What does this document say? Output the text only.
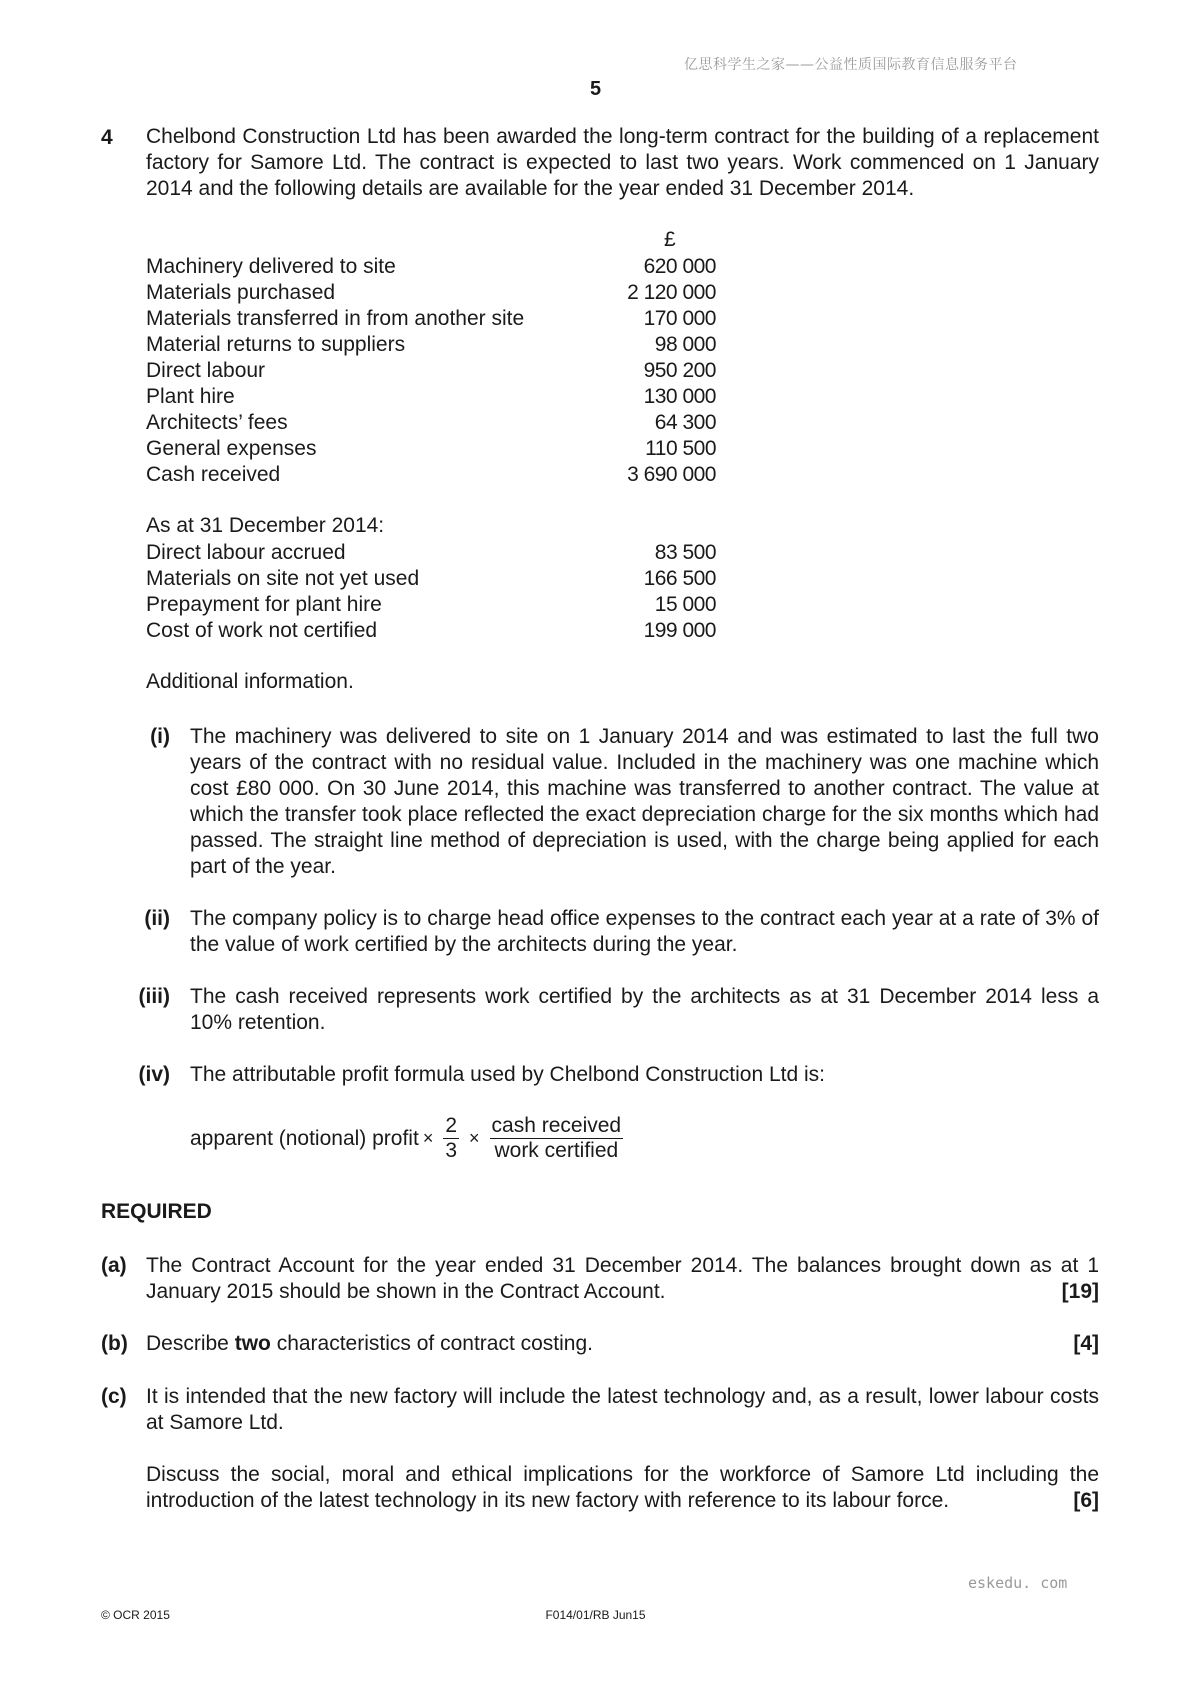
亿思科学生之家——公益性质国际教育信息服务平台
5
4 Chelbond Construction Ltd has been awarded the long-term contract for the building of a replacement factory for Samore Ltd. The contract is expected to last two years. Work commenced on 1 January 2014 and the following details are available for the year ended 31 December 2014.
£
Machinery delivered to site	620 000
Materials purchased	2 120 000
Materials transferred in from another site	170 000
Material returns to suppliers	98 000
Direct labour	950 200
Plant hire	130 000
Architects’ fees	64 300
General expenses	110 500
Cash received	3 690 000
As at 31 December 2014:
Direct labour accrued	83 500
Materials on site not yet used	166 500
Prepayment for plant hire	15 000
Cost of work not certified	199 000
Additional information.
(i) The machinery was delivered to site on 1 January 2014 and was estimated to last the full two years of the contract with no residual value. Included in the machinery was one machine which cost £80 000. On 30 June 2014, this machine was transferred to another contract. The value at which the transfer took place reflected the exact depreciation charge for the six months which had passed. The straight line method of depreciation is used, with the charge being applied for each part of the year.
(ii) The company policy is to charge head office expenses to the contract each year at a rate of 3% of the value of work certified by the architects during the year.
(iii) The cash received represents work certified by the architects as at 31 December 2014 less a 10% retention.
(iv) The attributable profit formula used by Chelbond Construction Ltd is:
apparent (notional) profit × $\frac{2}{3} \times \frac{\text{cash received}}{\text{work certified}}$
REQUIRED
(a) The Contract Account for the year ended 31 December 2014. The balances brought down as at 1 January 2015 should be shown in the Contract Account.	[19]
(b) Describe two characteristics of contract costing.	[4]
(c) It is intended that the new factory will include the latest technology and, as a result, lower labour costs at Samore Ltd.
Discuss the social, moral and ethical implications for the workforce of Samore Ltd including the introduction of the latest technology in its new factory with reference to its labour force.	[6]
eskedu. com
© OCR 2015	F014/01/RB Jun15
